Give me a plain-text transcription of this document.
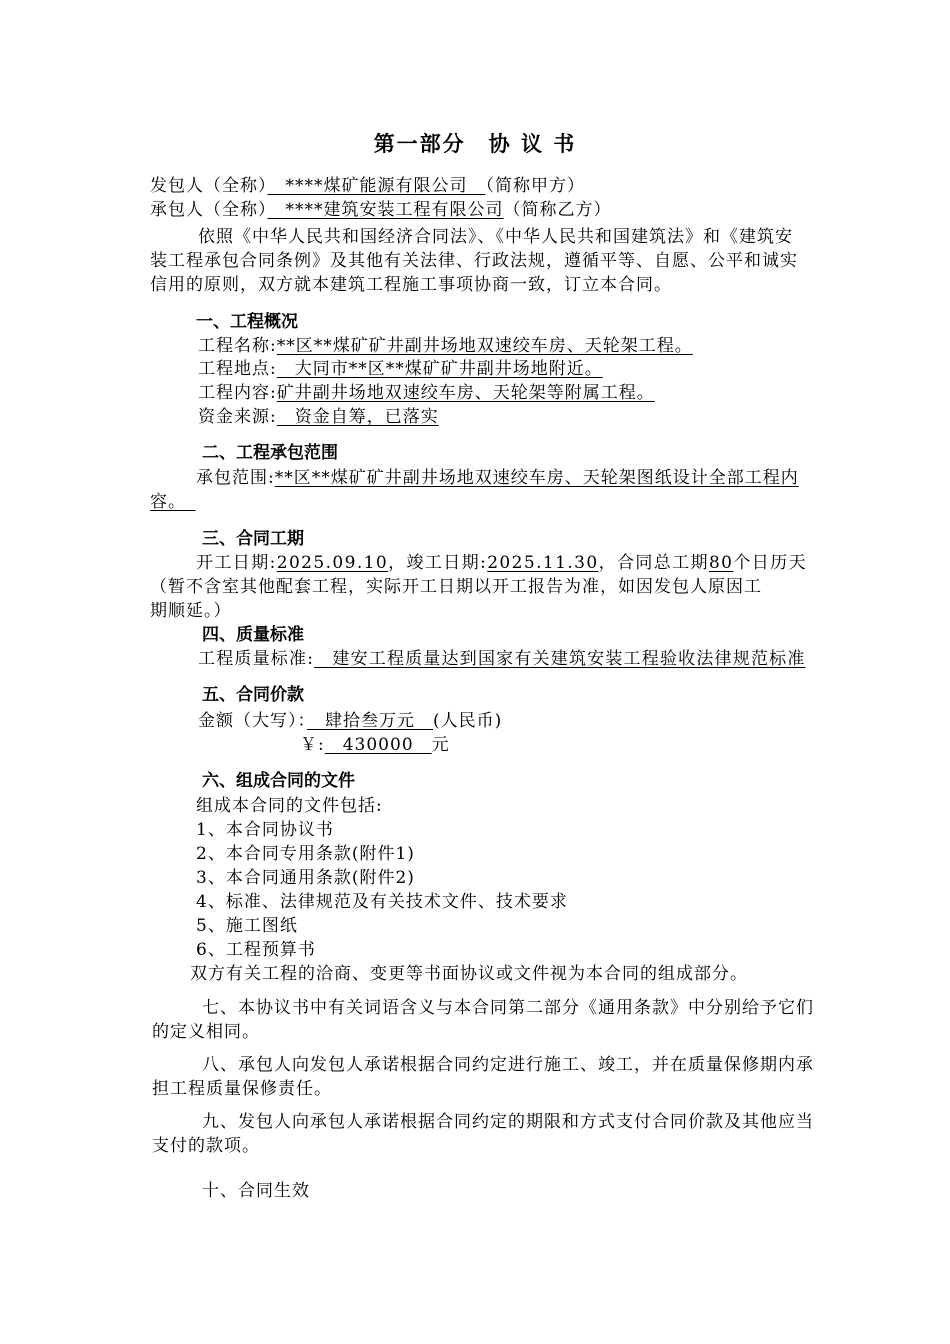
第一部分　协 议 书
发包人（全称）　****煤矿能源有限公司　（简称甲方）
承包人（全称）　****建筑安装工程有限公司（简称乙方）
依照《中华人民共和国经济合同法》、《中华人民共和国建筑法》和《建筑安
装工程承包合同条例》及其他有关法律、行政法规，遵循平等、自愿、公平和诚实
信用的原则，双方就本建筑工程施工事项协商一致，订立本合同。
一、工程概况
工程名称:**区**煤矿矿井副井场地双速绞车房、天轮架工程。
工程地点:　大同市**区**煤矿矿井副井场地附近。
工程内容:矿井副井场地双速绞车房、天轮架等附属工程。
资金来源:　资金自筹，已落实
二、工程承包范围
承包范围:**区**煤矿矿井副井场地双速绞车房、天轮架图纸设计全部工程内
容。　
三、合同工期
开工日期:2025.09.10，竣工日期:2025.11.30，合同总工期80个日历天
（暂不含室其他配套工程，实际开工日期以开工报告为准，如因发包人原因工
期顺延。）
四、质量标准
工程质量标准:　建安工程质量达到国家有关建筑安装工程验收法律规范标准
五、合同价款
金额（大写）：　肆拾叁万元　(人民币)
￥:　430000　元
六、组成合同的文件
组成本合同的文件包括:
1、本合同协议书
2、本合同专用条款(附件1)
3、本合同通用条款(附件2)
4、标准、法律规范及有关技术文件、技术要求
5、施工图纸
6、工程预算书
双方有关工程的洽商、变更等书面协议或文件视为本合同的组成部分。
七、本协议书中有关词语含义与本合同第二部分《通用条款》中分别给予它们
的定义相同。
八、承包人向发包人承诺根据合同约定进行施工、竣工，并在质量保修期内承
担工程质量保修责任。
九、发包人向承包人承诺根据合同约定的期限和方式支付合同价款及其他应当
支付的款项。
十、合同生效
